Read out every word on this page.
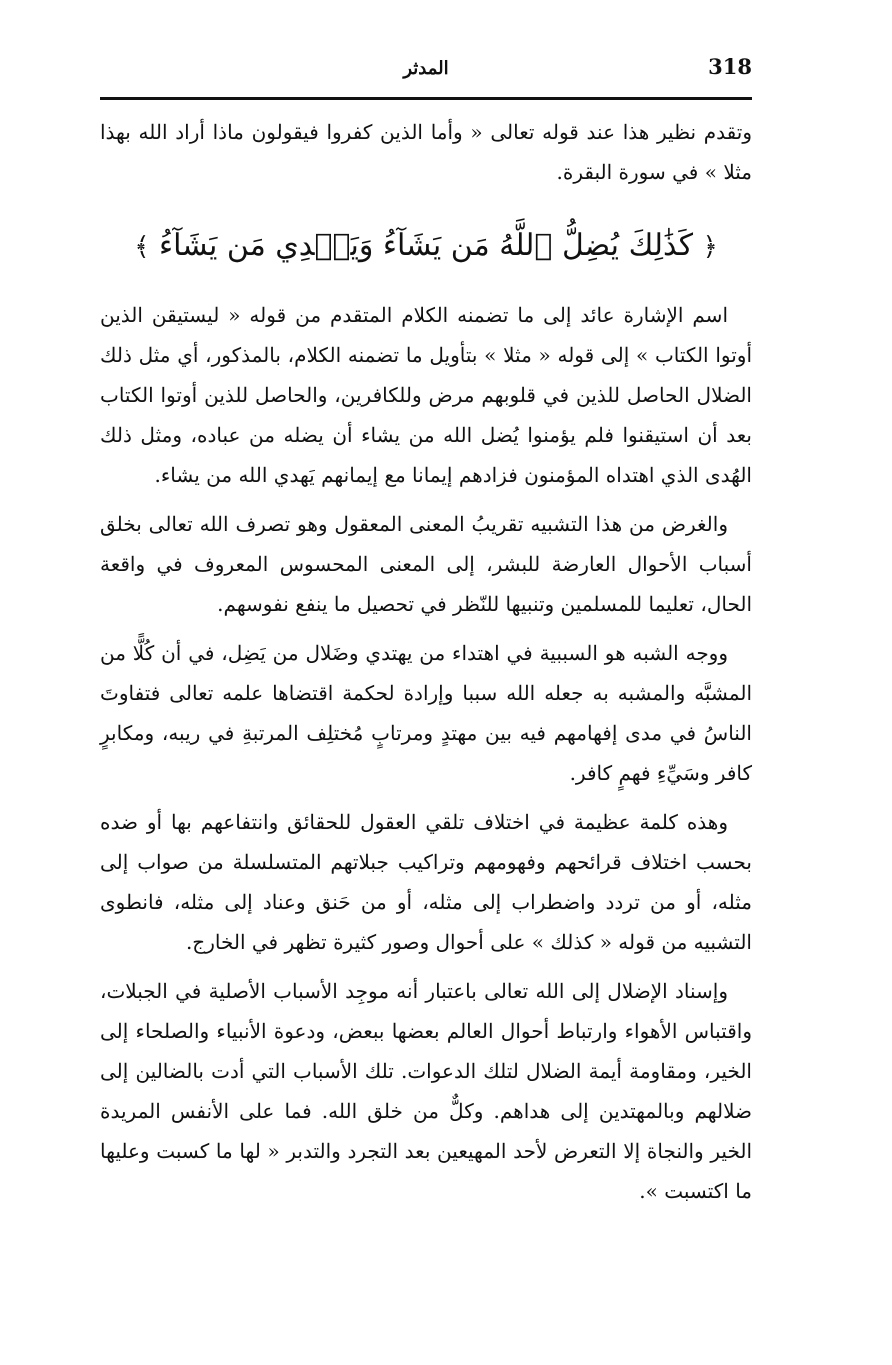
318
المدثر

وتقدم نظير هذا عند قوله تعالى « وأما الذين كفروا فيقولون ماذا أراد الله بهذا مثلا » في سورة البقرة.

﴿ كَذَٰلِكَ يُضِلُّ ٱللَّهُ مَن يَشَآءُ وَيَهۡدِي مَن يَشَآءُ ﴾

اسم الإشارة عائد إلى ما تضمنه الكلام المتقدم من قوله « ليستيقن الذين أوتوا الكتاب » إلى قوله « مثلا » بتأويل ما تضمنه الكلام، بالمذكور، أي مثل ذلك الضلال الحاصل للذين في قلوبهم مرض وللكافرين، والحاصل للذين أوتوا الكتاب بعد أن استيقنوا فلم يؤمنوا يُضل الله من يشاء أن يضله من عباده، ومثل ذلك الهُدى الذي اهتداه المؤمنون فزادهم إيمانا مع إيمانهم يَهدي الله من يشاء.

والغرض من هذا التشبيه تقريبُ المعنى المعقول وهو تصرف الله تعالى بخلق أسباب الأحوال العارضة للبشر، إلى المعنى المحسوس المعروف في واقعة الحال، تعليما للمسلمين وتنبيها للنّظر في تحصيل ما ينفع نفوسهم.

ووجه الشبه هو السببية في اهتداء من يهتدي وضَلال من يَضِل، في أن كُلًّا من المشبَّه والمشبه به جعله الله سببا وإرادة لحكمة اقتضاها علمه تعالى فتفاوتَ الناسُ في مدى إفهامهم فيه بين مهتدٍ ومرتابٍ مُختلِف المرتبةِ في ريبه، ومكابرٍ كافر وسَيِّءِ فهمٍ كافر.

وهذه كلمة عظيمة في اختلاف تلقي العقول للحقائق وانتفاعهم بها أو ضده بحسب اختلاف قرائحهم وفهومهم وتراكيب جبلاتهم المتسلسلة من صواب إلى مثله، أو من تردد واضطراب إلى مثله، أو من حَنق وعناد إلى مثله، فانطوى التشبيه من قوله « كذلك » على أحوال وصور كثيرة تظهر في الخارج.

وإسناد الإضلال إلى الله تعالى باعتبار أنه موجِد الأسباب الأصلية في الجبلات، واقتباس الأهواء وارتباط أحوال العالم بعضها ببعض، ودعوة الأنبياء والصلحاء إلى الخير، ومقاومة أيمة الضلال لتلك الدعوات. تلك الأسباب التي أدت بالضالين إلى ضلالهم وبالمهتدين إلى هداهم. وكلٌّ من خلق الله. فما على الأنفس المريدة الخير والنجاة إلا التعرض لأحد المهيعين بعد التجرد والتدبر « لها ما كسبت وعليها ما اكتسبت ».
